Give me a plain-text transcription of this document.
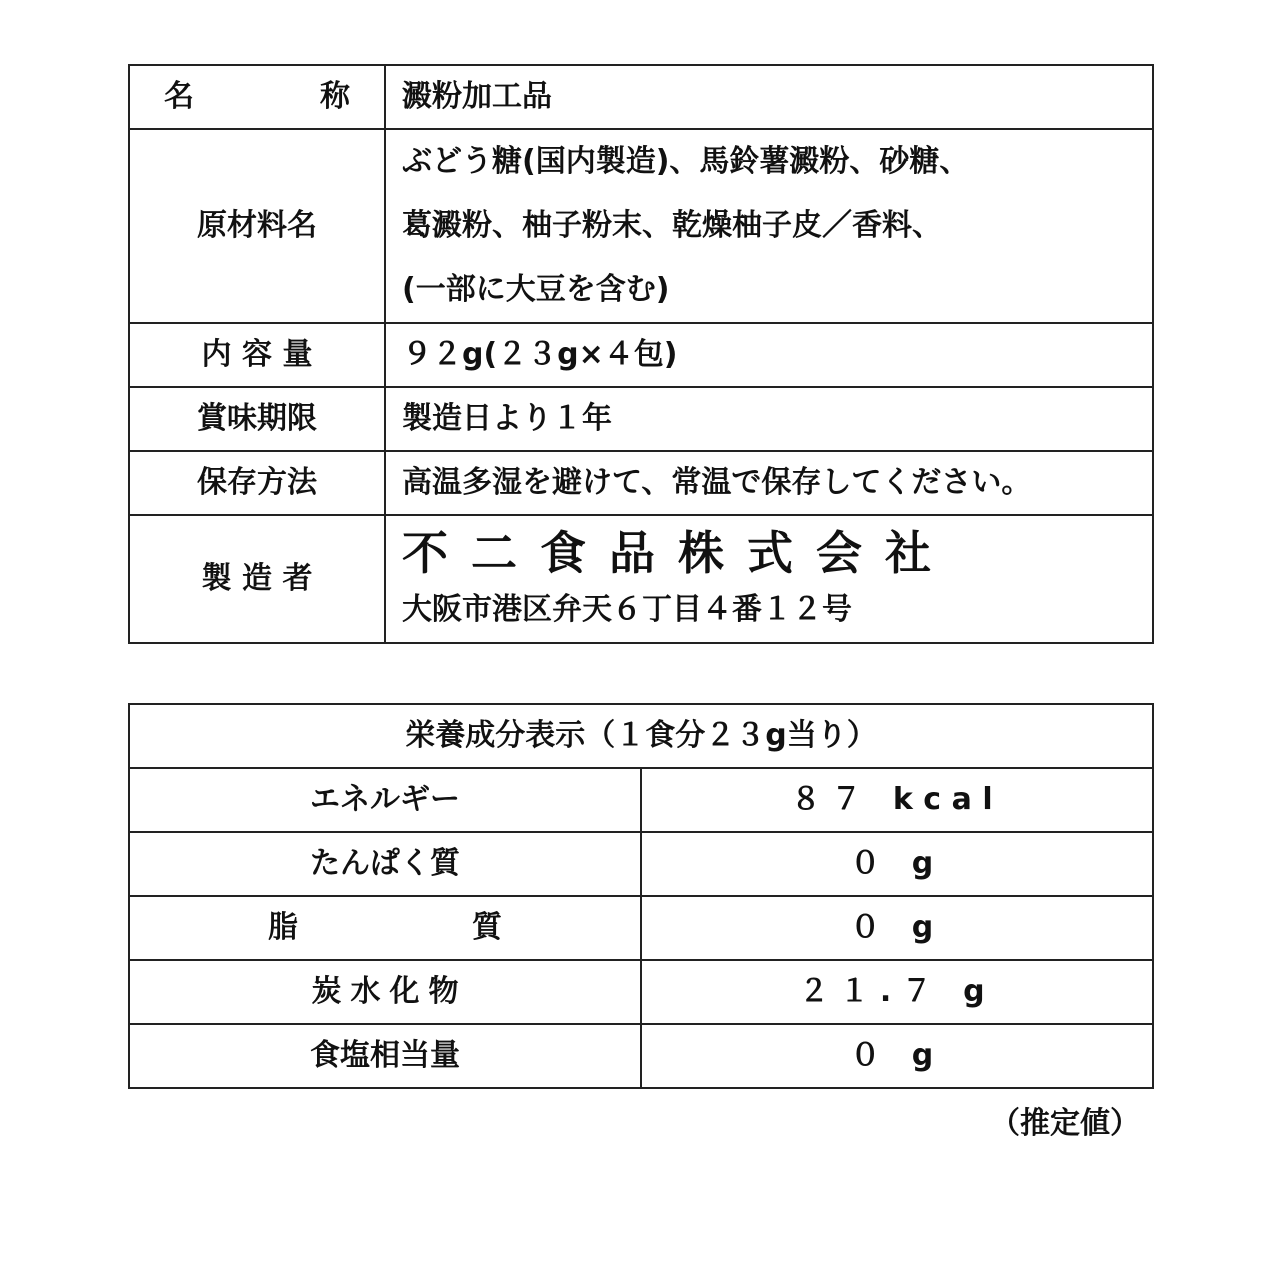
名　称	澱粉加工品
原材料名	ぶどう糖(国内製造)、馬鈴薯澱粉、砂糖、
葛澱粉、柚子粉末、乾燥柚子皮／香料、
(一部に大豆を含む)

内容量	９２g(２３g×４包)
賞味期限	製造日より１年
保存方法	高温多湿を避けて、常温で保存してください。
製造者	不二食品株式会社
大阪市港区弁天６丁目４番１２号
栄養成分表示（１食分２３g当り）	
エネルギー	８７ kcal
たんぱく質	０ g
脂　質	０ g
炭水化物	２１.７ g
食塩相当量	０ g
（推定値）
